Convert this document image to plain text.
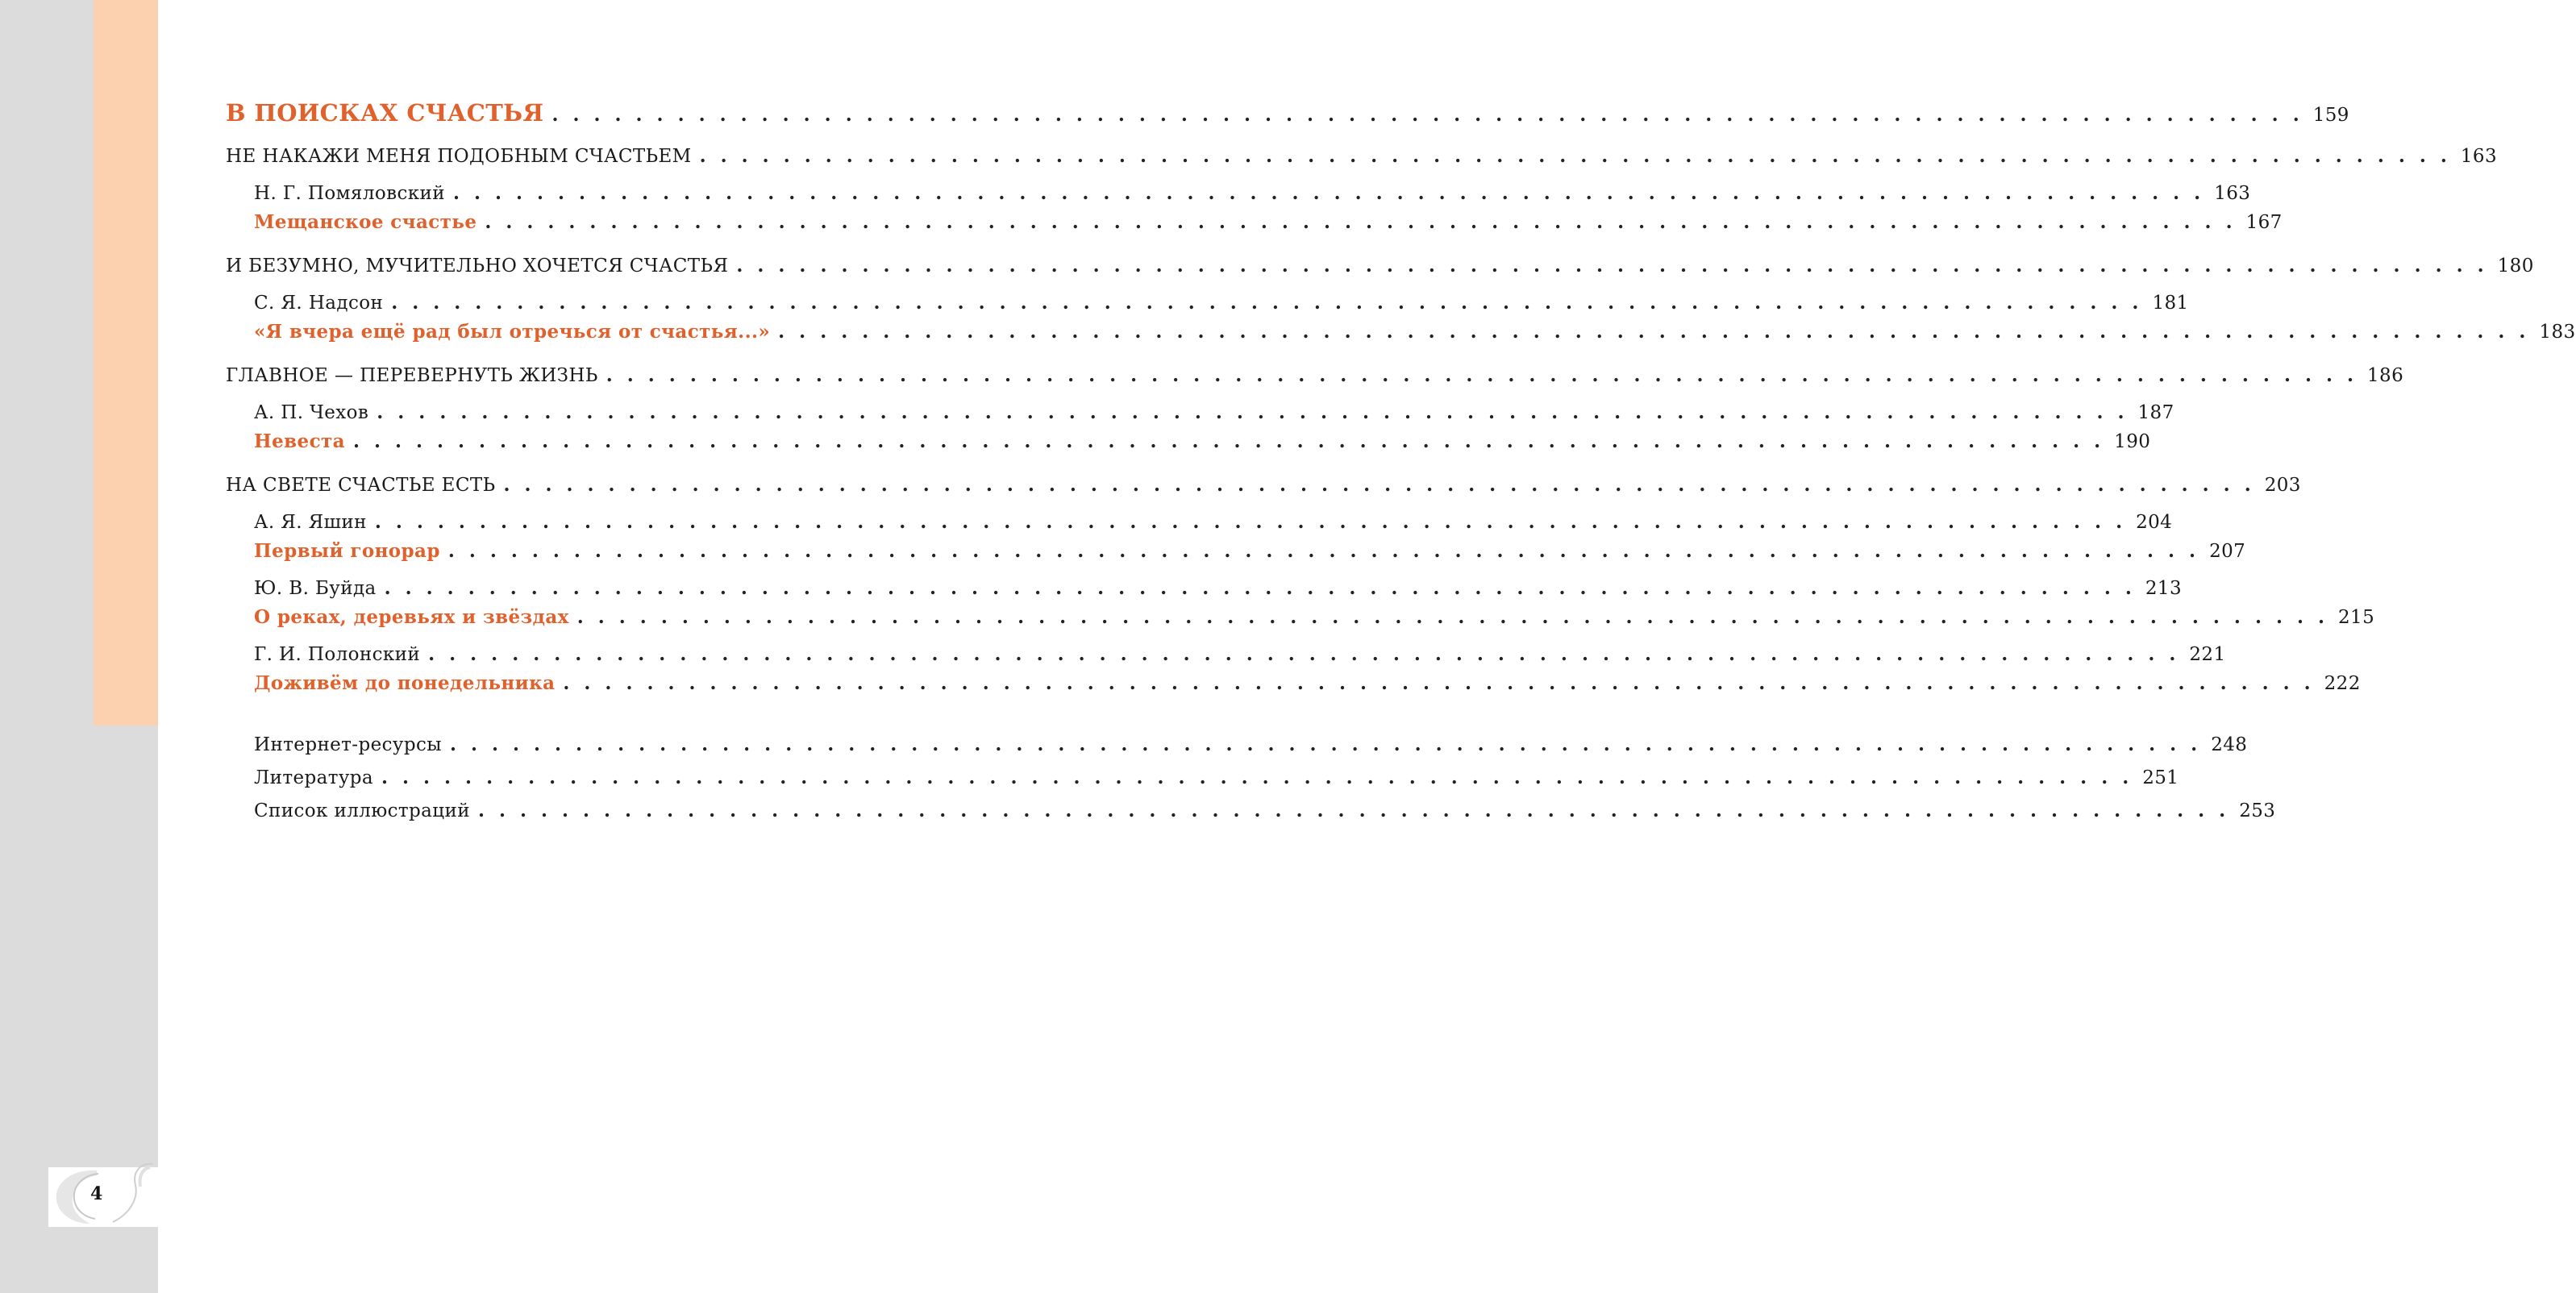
В ПОИСКАХ СЧАСТЬЯ . . . . . . . . . . . . . . . . . . . . . . . . . . . . . . . . . . . . . . . . . . . . . . . . . . . . . . . . . . . . . . . . . . . . . . . . . . . . . . . . . . . . 159
НЕ НАКАЖИ МЕНЯ ПОДОБНЫМ СЧАСТЬЕМ . . . . . . . . . . . . . . . . . . . . . . . . . . . . . . . . . . . . . . . . . . . . . . . . . . . . . . . . . . . . . . . . . . . . . . . . . . . . . . . . . . . . 163
Н. Г. Помяловский . . . . . . . . . . . . . . . . . . . . . . . . . . . . . . . . . . . . . . . . . . . . . . . . . . . . . . . . . . . . . . . . . . . . . . . . . . . . . . . . . . . . 163
Мещанское счастье . . . . . . . . . . . . . . . . . . . . . . . . . . . . . . . . . . . . . . . . . . . . . . . . . . . . . . . . . . . . . . . . . . . . . . . . . . . . . . . . . . . . 167
И БЕЗУМНО, МУЧИТЕЛЬНО ХОЧЕТСЯ СЧАСТЬЯ . . . . . . . . . . . . . . . . . . . . . . . . . . . . . . . . . . . . . . . . . . . . . . . . . . . . . . . . . . . . . . . . . . . . . . . . . . . . . . . . . . . . 180
С. Я. Надсон . . . . . . . . . . . . . . . . . . . . . . . . . . . . . . . . . . . . . . . . . . . . . . . . . . . . . . . . . . . . . . . . . . . . . . . . . . . . . . . . . . . . 181
«Я вчера ещё рад был отречься от счастья...» . . . . . . . . . . . . . . . . . . . . . . . . . . . . . . . . . . . . . . . . . . . . . . . . . . . . . . . . . . . . . . . . . . . . . . . . . . . . . . . . . . . . 183
ГЛАВНОЕ — ПЕРЕВЕРНУТЬ ЖИЗНЬ . . . . . . . . . . . . . . . . . . . . . . . . . . . . . . . . . . . . . . . . . . . . . . . . . . . . . . . . . . . . . . . . . . . . . . . . . . . . . . . . . . . . 186
А. П. Чехов . . . . . . . . . . . . . . . . . . . . . . . . . . . . . . . . . . . . . . . . . . . . . . . . . . . . . . . . . . . . . . . . . . . . . . . . . . . . . . . . . . . . 187
Невеста . . . . . . . . . . . . . . . . . . . . . . . . . . . . . . . . . . . . . . . . . . . . . . . . . . . . . . . . . . . . . . . . . . . . . . . . . . . . . . . . . . . . 190
НА СВЕТЕ СЧАСТЬЕ ЕСТЬ . . . . . . . . . . . . . . . . . . . . . . . . . . . . . . . . . . . . . . . . . . . . . . . . . . . . . . . . . . . . . . . . . . . . . . . . . . . . . . . . . . . . 203
А. Я. Яшин . . . . . . . . . . . . . . . . . . . . . . . . . . . . . . . . . . . . . . . . . . . . . . . . . . . . . . . . . . . . . . . . . . . . . . . . . . . . . . . . . . . . 204
Первый гонорар . . . . . . . . . . . . . . . . . . . . . . . . . . . . . . . . . . . . . . . . . . . . . . . . . . . . . . . . . . . . . . . . . . . . . . . . . . . . . . . . . . . . 207
Ю. В. Буйда . . . . . . . . . . . . . . . . . . . . . . . . . . . . . . . . . . . . . . . . . . . . . . . . . . . . . . . . . . . . . . . . . . . . . . . . . . . . . . . . . . . . 213
О реках, деревьях и звёздах . . . . . . . . . . . . . . . . . . . . . . . . . . . . . . . . . . . . . . . . . . . . . . . . . . . . . . . . . . . . . . . . . . . . . . . . . . . . . . . . . . . . 215
Г. И. Полонский . . . . . . . . . . . . . . . . . . . . . . . . . . . . . . . . . . . . . . . . . . . . . . . . . . . . . . . . . . . . . . . . . . . . . . . . . . . . . . . . . . . . 221
Доживём до понедельника . . . . . . . . . . . . . . . . . . . . . . . . . . . . . . . . . . . . . . . . . . . . . . . . . . . . . . . . . . . . . . . . . . . . . . . . . . . . . . . . . . . . 222
Интернет-ресурсы . . . . . . . . . . . . . . . . . . . . . . . . . . . . . . . . . . . . . . . . . . . . . . . . . . . . . . . . . . . . . . . . . . . . . . . . . . . . . . . . . . . . 248
Литература . . . . . . . . . . . . . . . . . . . . . . . . . . . . . . . . . . . . . . . . . . . . . . . . . . . . . . . . . . . . . . . . . . . . . . . . . . . . . . . . . . . . 251
Список иллюстраций . . . . . . . . . . . . . . . . . . . . . . . . . . . . . . . . . . . . . . . . . . . . . . . . . . . . . . . . . . . . . . . . . . . . . . . . . . . . . . . . . . . . 253
4
